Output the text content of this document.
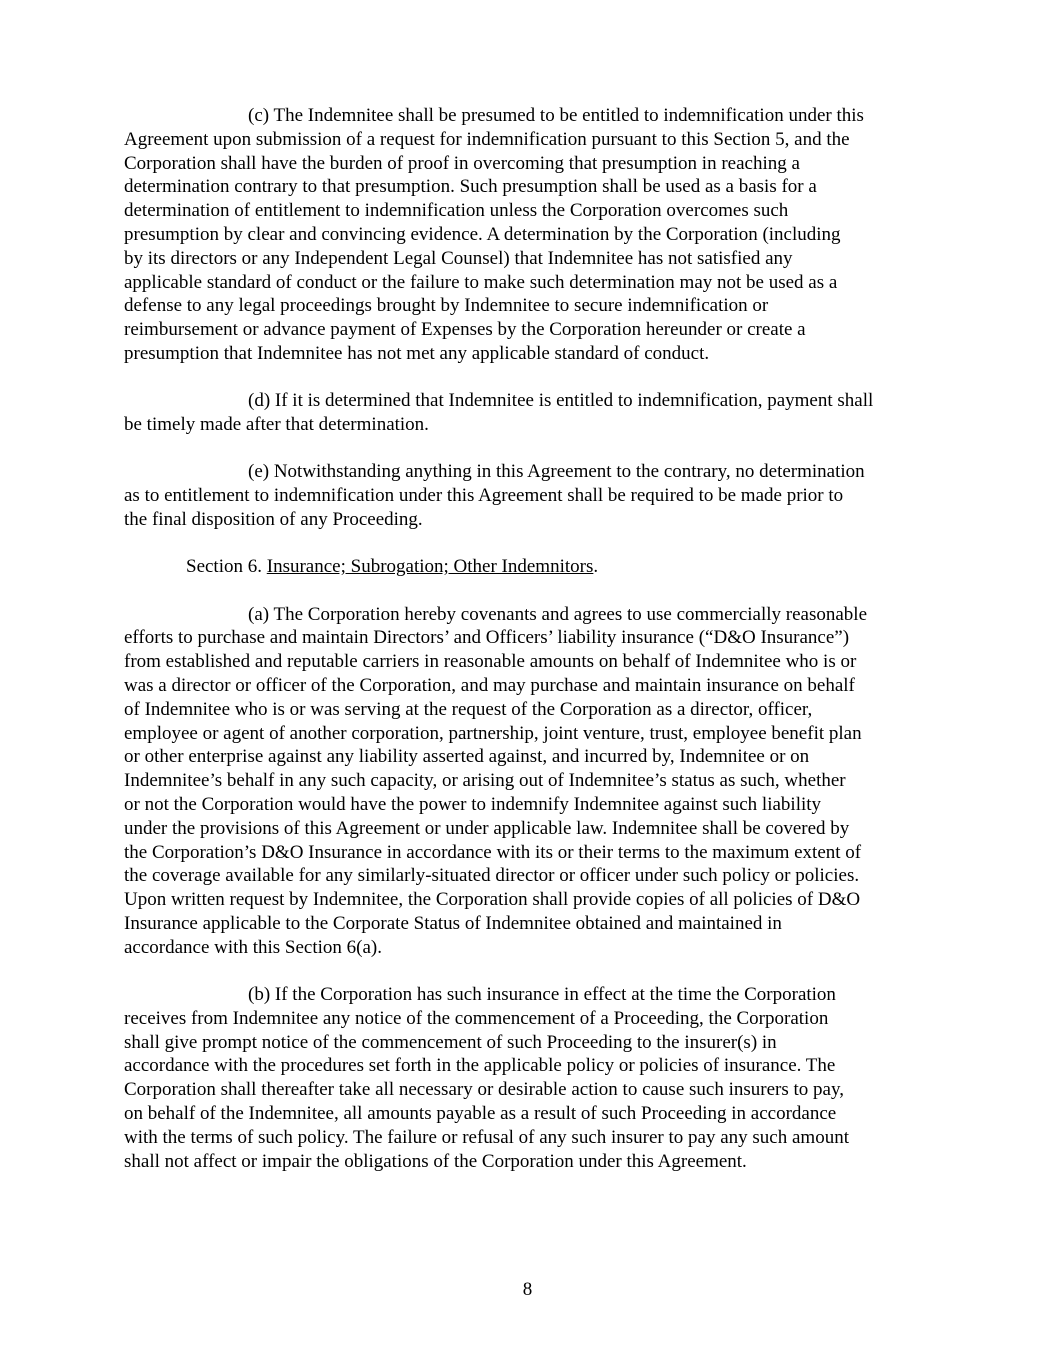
(c) The Indemnitee shall be presumed to be entitled to indemnification under this
Agreement upon submission of a request for indemnification pursuant to this Section 5, and the
Corporation shall have the burden of proof in overcoming that presumption in reaching a
determination contrary to that presumption. Such presumption shall be used as a basis for a
determination of entitlement to indemnification unless the Corporation overcomes such
presumption by clear and convincing evidence. A determination by the Corporation (including
by its directors or any Independent Legal Counsel) that Indemnitee has not satisfied any
applicable standard of conduct or the failure to make such determination may not be used as a
defense to any legal proceedings brought by Indemnitee to secure indemnification or
reimbursement or advance payment of Expenses by the Corporation hereunder or create a
presumption that Indemnitee has not met any applicable standard of conduct.

(d) If it is determined that Indemnitee is entitled to indemnification, payment shall
be timely made after that determination.

(e) Notwithstanding anything in this Agreement to the contrary, no determination
as to entitlement to indemnification under this Agreement shall be required to be made prior to
the final disposition of any Proceeding.

Section 6. Insurance; Subrogation; Other Indemnitors.

(a) The Corporation hereby covenants and agrees to use commercially reasonable
efforts to purchase and maintain Directors’ and Officers’ liability insurance (“D&O Insurance”)
from established and reputable carriers in reasonable amounts on behalf of Indemnitee who is or
was a director or officer of the Corporation, and may purchase and maintain insurance on behalf
of Indemnitee who is or was serving at the request of the Corporation as a director, officer,
employee or agent of another corporation, partnership, joint venture, trust, employee benefit plan
or other enterprise against any liability asserted against, and incurred by, Indemnitee or on
Indemnitee’s behalf in any such capacity, or arising out of Indemnitee’s status as such, whether
or not the Corporation would have the power to indemnify Indemnitee against such liability
under the provisions of this Agreement or under applicable law. Indemnitee shall be covered by
the Corporation’s D&O Insurance in accordance with its or their terms to the maximum extent of
the coverage available for any similarly-situated director or officer under such policy or policies.
Upon written request by Indemnitee, the Corporation shall provide copies of all policies of D&O
Insurance applicable to the Corporate Status of Indemnitee obtained and maintained in
accordance with this Section 6(a).

(b) If the Corporation has such insurance in effect at the time the Corporation
receives from Indemnitee any notice of the commencement of a Proceeding, the Corporation
shall give prompt notice of the commencement of such Proceeding to the insurer(s) in
accordance with the procedures set forth in the applicable policy or policies of insurance. The
Corporation shall thereafter take all necessary or desirable action to cause such insurers to pay,
on behalf of the Indemnitee, all amounts payable as a result of such Proceeding in accordance
with the terms of such policy. The failure or refusal of any such insurer to pay any such amount
shall not affect or impair the obligations of the Corporation under this Agreement.

8
